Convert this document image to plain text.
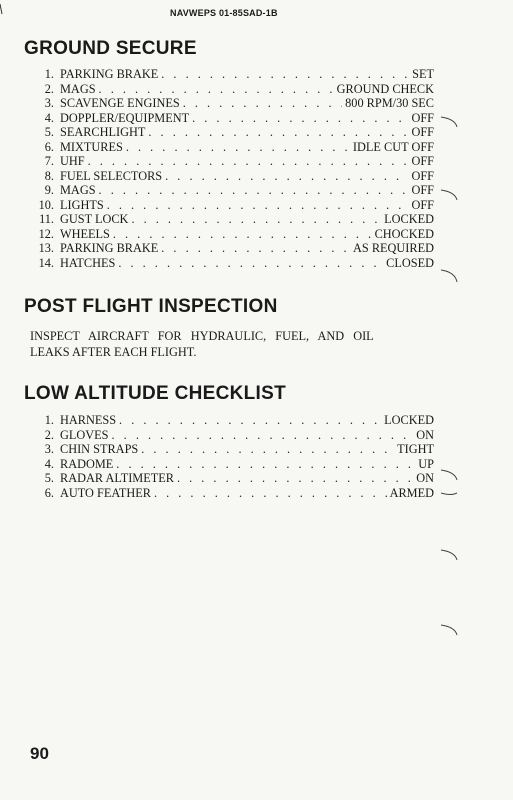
NAVWEPS 01-85SAD-1B
GROUND SECURE
1. PARKING BRAKE . . .	SET
2. MAGS . . .	GROUND CHECK
3. SCAVENGE ENGINES . . .	800 RPM/30 SEC
4. DOPPLER/EQUIPMENT . . .	OFF
5. SEARCHLIGHT . . .	OFF
6. MIXTURES . . .	IDLE CUT OFF
7. UHF . . .	OFF
8. FUEL SELECTORS . . .	OFF
9. MAGS . . .	OFF
10. LIGHTS . . .	OFF
11. GUST LOCK . . .	LOCKED
12. WHEELS . . .	CHOCKED
13. PARKING BRAKE . . .	AS REQUIRED
14. HATCHES . . .	CLOSED
POST FLIGHT INSPECTION
INSPECT AIRCRAFT FOR HYDRAULIC, FUEL, AND OIL
LEAKS AFTER EACH FLIGHT.
LOW ALTITUDE CHECKLIST
1. HARNESS . . .	LOCKED
2. GLOVES . . .	ON
3. CHIN STRAPS . . .	TIGHT
4. RADOME . . .	UP
5. RADAR ALTIMETER . . .	ON
6. AUTO FEATHER . . .	ARMED
90
